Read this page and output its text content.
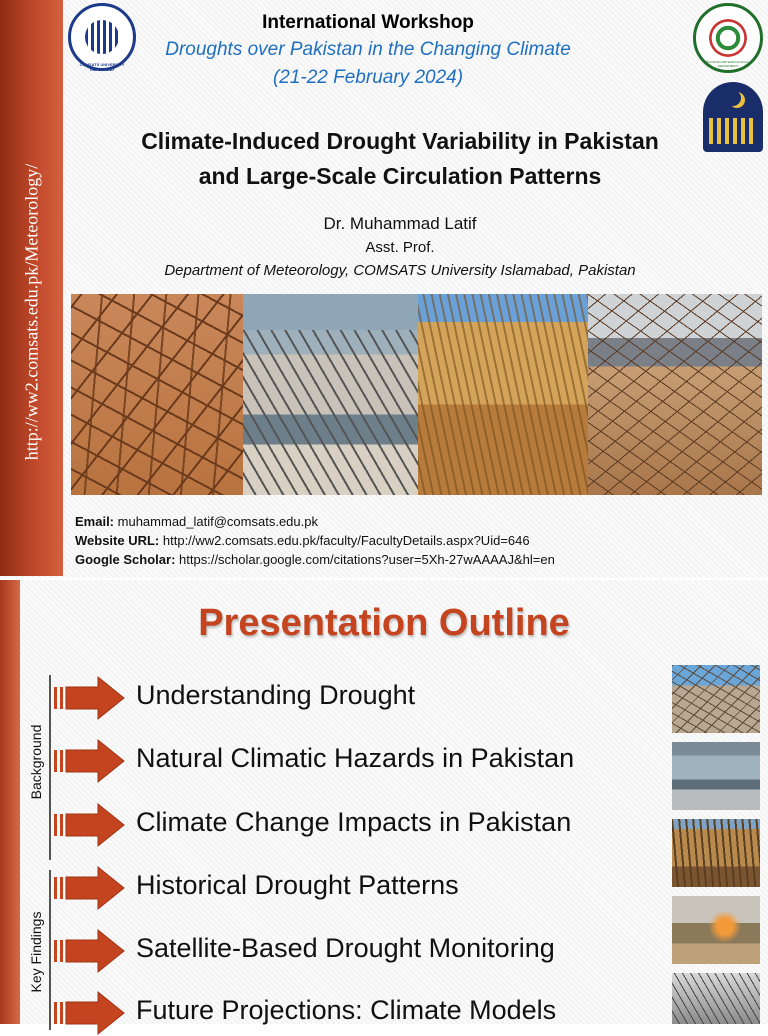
http://ww2.comsats.edu.pk/Meteorology/
COMSATS UNIVERSITY ISLAMABAD
PAKISTAN METEOROLOGICAL DEPARTMENT
International Workshop
Droughts over Pakistan in the Changing Climate
(21-22 February 2024)
Climate-Induced Drought Variability in Pakistan
and Large-Scale Circulation Patterns
Dr. Muhammad Latif
Asst. Prof.
Department of Meteorology, COMSATS University Islamabad, Pakistan
Email: muhammad_latif@comsats.edu.pk
Website URL: http://ww2.comsats.edu.pk/faculty/FacultyDetails.aspx?Uid=646
Google Scholar: https://scholar.google.com/citations?user=5Xh-27wAAAAJ&hl=en
Presentation Outline
Background
Key Findings
Understanding Drought
Natural Climatic Hazards in Pakistan
Climate Change Impacts in Pakistan
Historical Drought Patterns
Satellite-Based Drought Monitoring
Future Projections: Climate Models
